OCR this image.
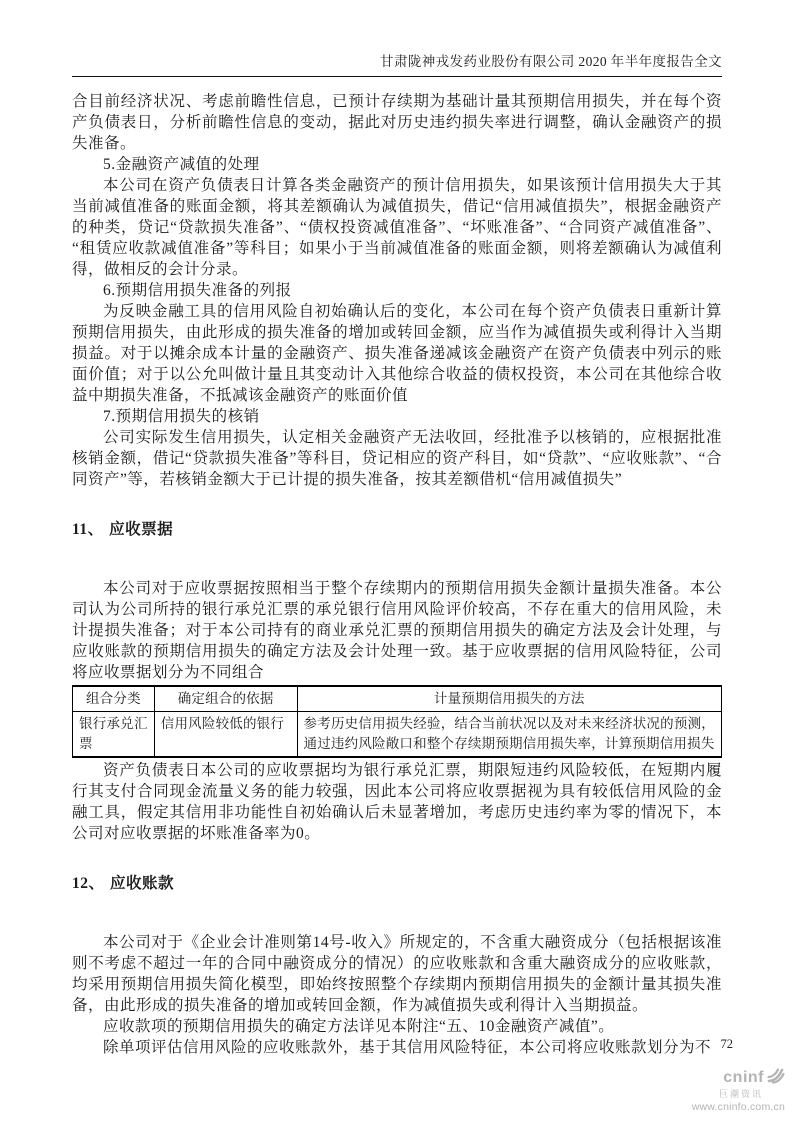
甘肃陇神戎发药业股份有限公司 2020 年半年度报告全文

合目前经济状况、考虑前瞻性信息，已预计存续期为基础计量其预期信用损失，并在每个资产负债表日，分析前瞻性信息的变动，据此对历史违约损失率进行调整，确认金融资产的损失准备。

5.金融资产减值的处理

本公司在资产负债表日计算各类金融资产的预计信用损失，如果该预计信用损失大于其当前减值准备的账面金额，将其差额确认为减值损失，借记“信用减值损失”，根据金融资产的种类，贷记“贷款损失准备”、“债权投资减值准备”、“坏账准备”、“合同资产减值准备”、“租赁应收款减值准备”等科目；如果小于当前减值准备的账面金额，则将差额确认为减值利得，做相反的会计分录。

6.预期信用损失准备的列报

为反映金融工具的信用风险自初始确认后的变化，本公司在每个资产负债表日重新计算预期信用损失，由此形成的损失准备的增加或转回金额，应当作为减值损失或利得计入当期损益。对于以摊余成本计量的金融资产、损失准备递减该金融资产在资产负债表中列示的账面价值；对于以公允叫做计量且其变动计入其他综合收益的债权投资，本公司在其他综合收益中期损失准备，不抵减该金融资产的账面价值

7.预期信用损失的核销

公司实际发生信用损失，认定相关金融资产无法收回，经批准予以核销的，应根据批准核销金额，借记“贷款损失准备”等科目，贷记相应的资产科目，如“贷款”、“应收账款”、“合同资产”等，若核销金额大于已计提的损失准备，按其差额借机“信用减值损失”

11、 应收票据

本公司对于应收票据按照相当于整个存续期内的预期信用损失金额计量损失准备。本公司认为公司所持的银行承兑汇票的承兑银行信用风险评价较高，不存在重大的信用风险，未计提损失准备；对于本公司持有的商业承兑汇票的预期信用损失的确定方法及会计处理，与应收账款的预期信用损失的确定方法及会计处理一致。基于应收票据的信用风险特征，公司将应收票据划分为不同组合

组合分类	确定组合的依据	计量预期信用损失的方法
银行承兑汇票	信用风险较低的银行	参考历史信用损失经验，结合当前状况以及对未来经济状况的预测，通过违约风险敞口和整个存续期预期信用损失率，计算预期信用损失

资产负债表日本公司的应收票据均为银行承兑汇票，期限短违约风险较低，在短期内履行其支付合同现金流量义务的能力较强，因此本公司将应收票据视为具有较低信用风险的金融工具，假定其信用非功能性自初始确认后未显著增加，考虑历史违约率为零的情况下，本公司对应收票据的坏账准备率为0。

12、 应收账款

本公司对于《企业会计准则第14号-收入》所规定的，不含重大融资成分（包括根据该准则不考虑不超过一年的合同中融资成分的情况）的应收账款和含重大融资成分的应收账款，均采用预期信用损失简化模型，即始终按照整个存续期内预期信用损失的金额计量其损失准备，由此形成的损失准备的增加或转回金额，作为减值损失或利得计入当期损益。

应收款项的预期信用损失的确定方法详见本附注“五、10金融资产减值”。

除单项评估信用风险的应收账款外，基于其信用风险特征，本公司将应收账款划分为不 72
cninf
巨潮资讯
www.cninfo.com.cn
